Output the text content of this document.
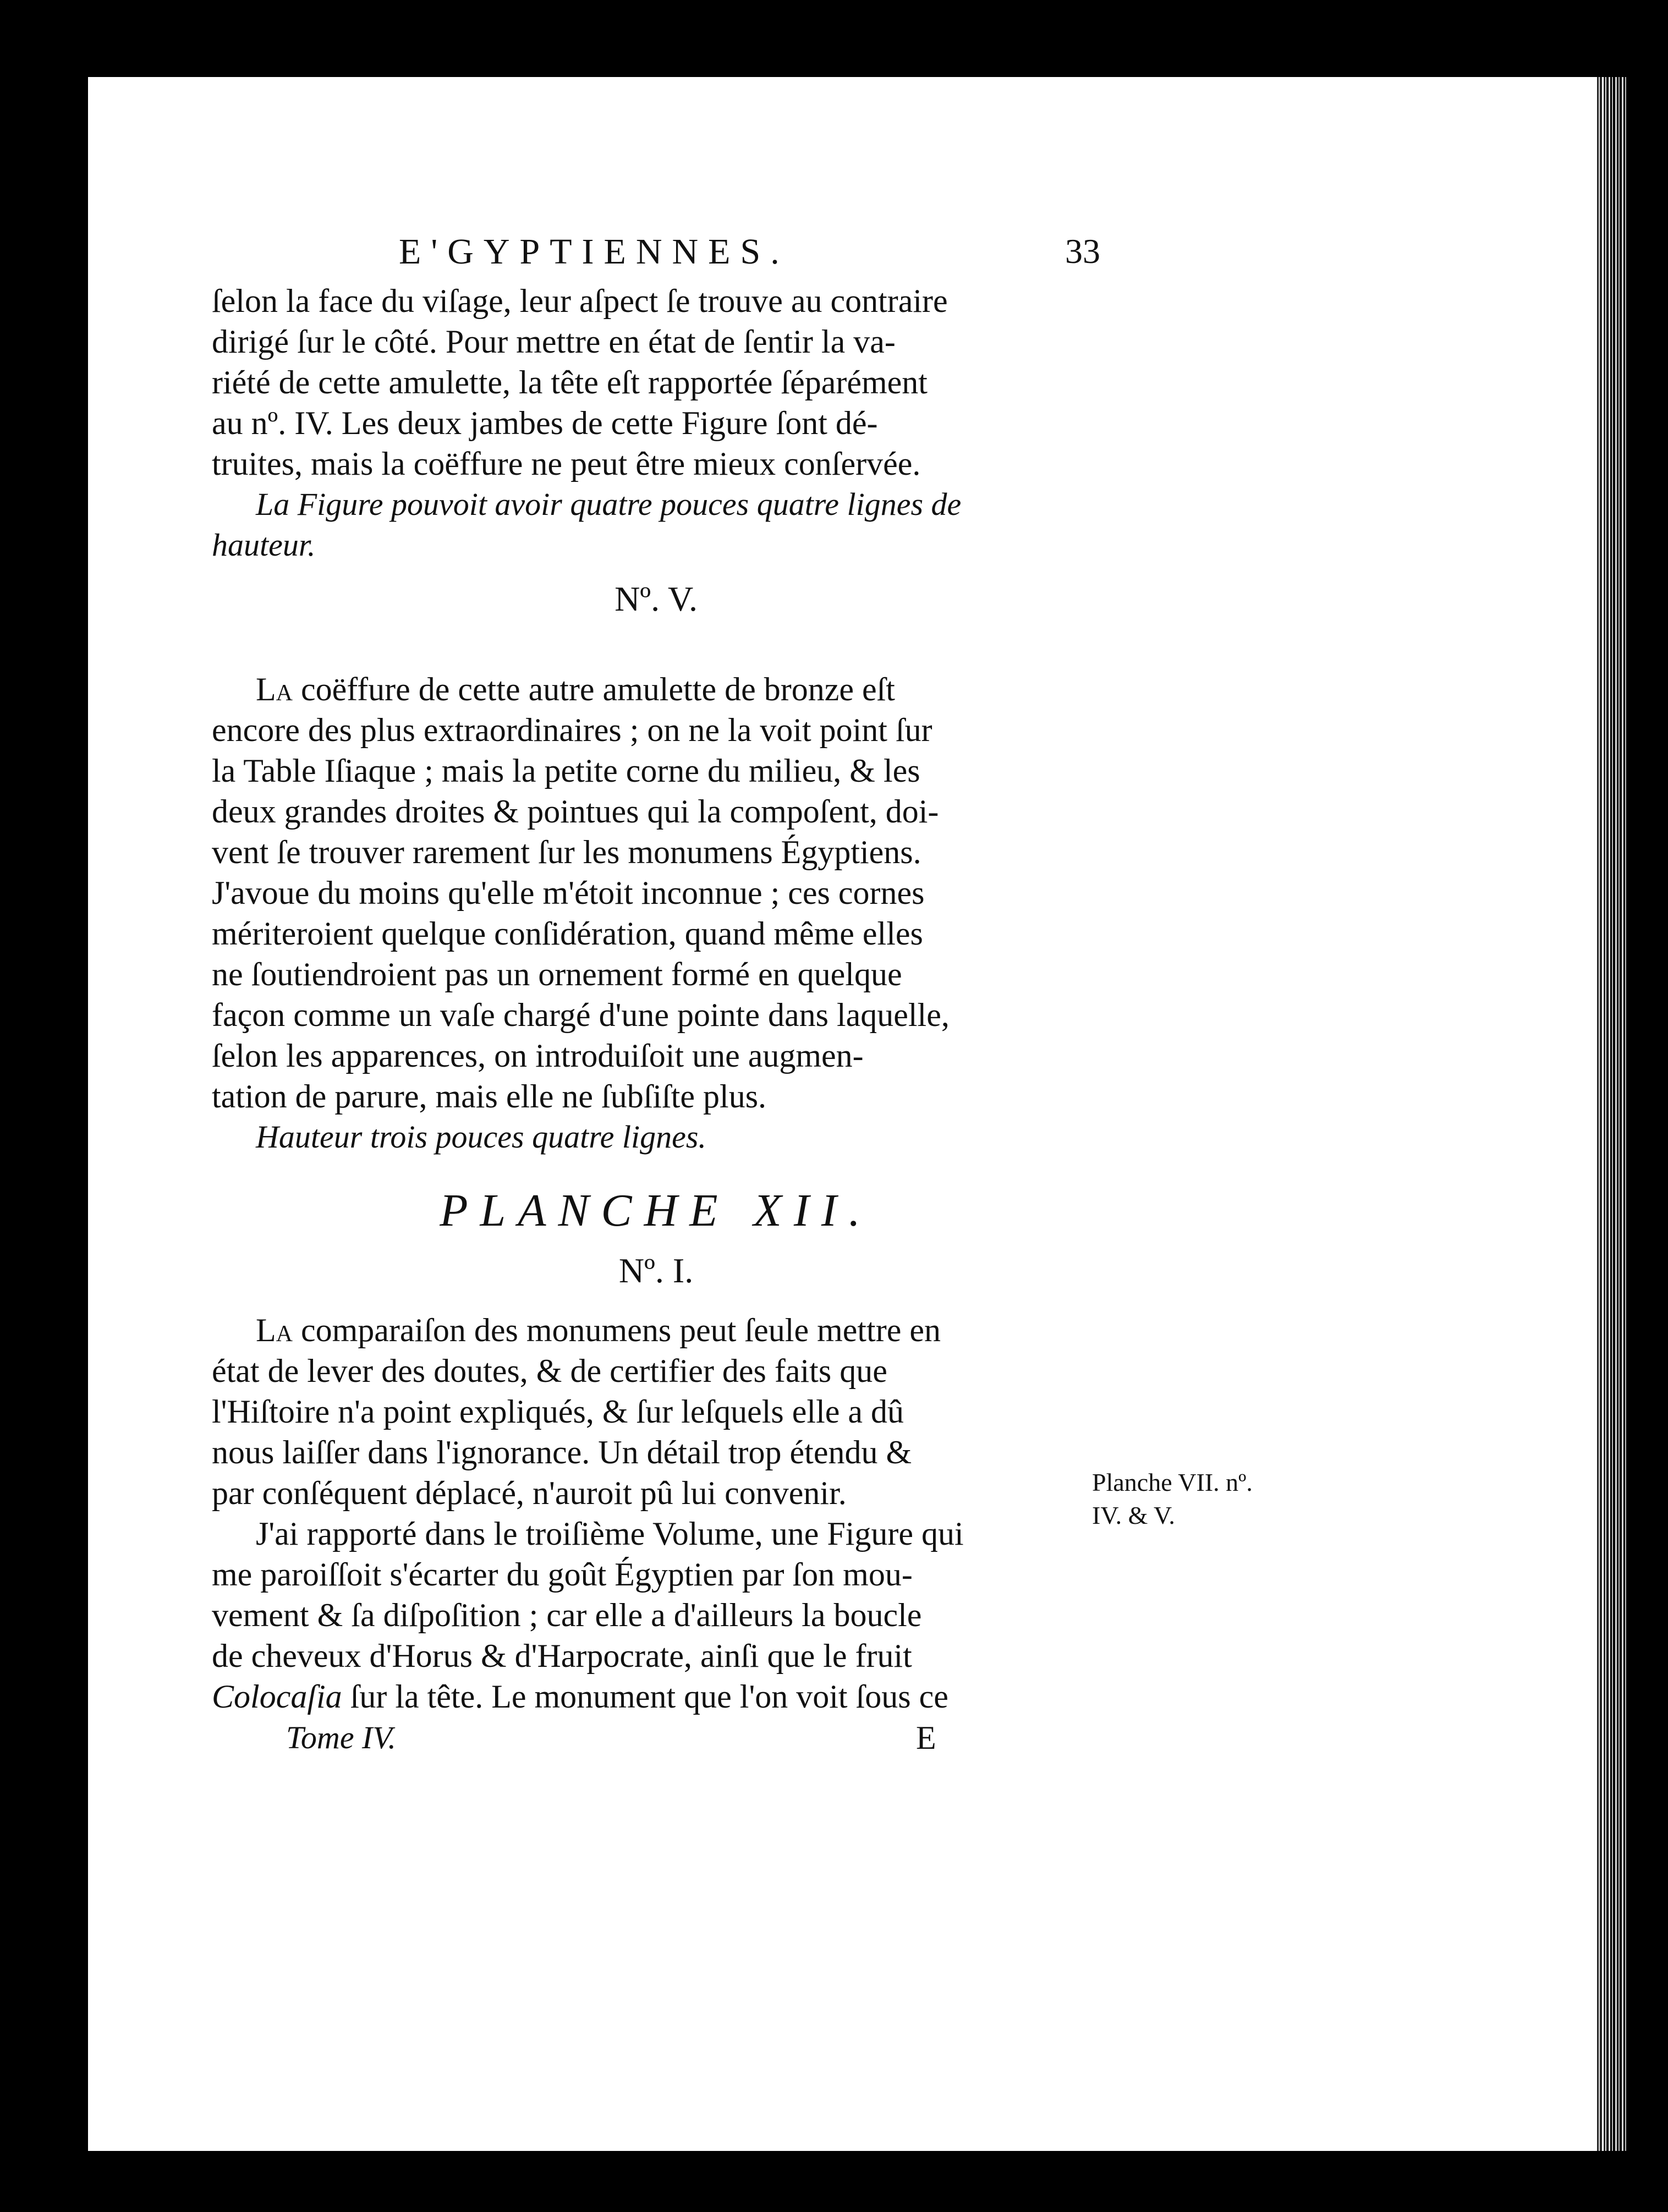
E'GYPTIENNES.	33

ſelon la face du viſage, leur aſpect ſe trouve au contraire

dirigé ſur le côté. Pour mettre en état de ſentir la va-

riété de cette amulette, la tête eſt rapportée ſéparément

au nº. IV. Les deux jambes de cette Figure ſont dé-

truites, mais la coëffure ne peut être mieux conſervée.

La Figure pouvoit avoir quatre pouces quatre lignes de

hauteur.

Nº. V.

La coëffure de cette autre amulette de bronze eſt

encore des plus extraordinaires ; on ne la voit point ſur

la Table Iſiaque ; mais la petite corne du milieu, & les

deux grandes droites & pointues qui la compoſent, doi-

vent ſe trouver rarement ſur les monumens Égyptiens.

J'avoue du moins qu'elle m'étoit inconnue ; ces cornes

mériteroient quelque conſidération, quand même elles

ne ſoutiendroient pas un ornement formé en quelque

façon comme un vaſe chargé d'une pointe dans laquelle,

ſelon les apparences, on introduiſoit une augmen-

tation de parure, mais elle ne ſubſiſte plus.

Hauteur trois pouces quatre lignes.

PLANCHE XII.
Nº. I.

La comparaiſon des monumens peut ſeule mettre en

état de lever des doutes, & de certifier des faits que

l'Hiſtoire n'a point expliqués, & ſur leſquels elle a dû

nous laiſſer dans l'ignorance. Un détail trop étendu &

par conſéquent déplacé, n'auroit pû lui convenir.

J'ai rapporté dans le troiſième Volume, une Figure qui

me paroiſſoit s'écarter du goût Égyptien par ſon mou-

vement & ſa diſpoſition ; car elle a d'ailleurs la boucle

de cheveux d'Horus & d'Harpocrate, ainſi que le fruit

Colocaſia ſur la tête. Le monument que l'on voit ſous ce

Tome IV.	E
Planche VII. nº.
IV. & V.
